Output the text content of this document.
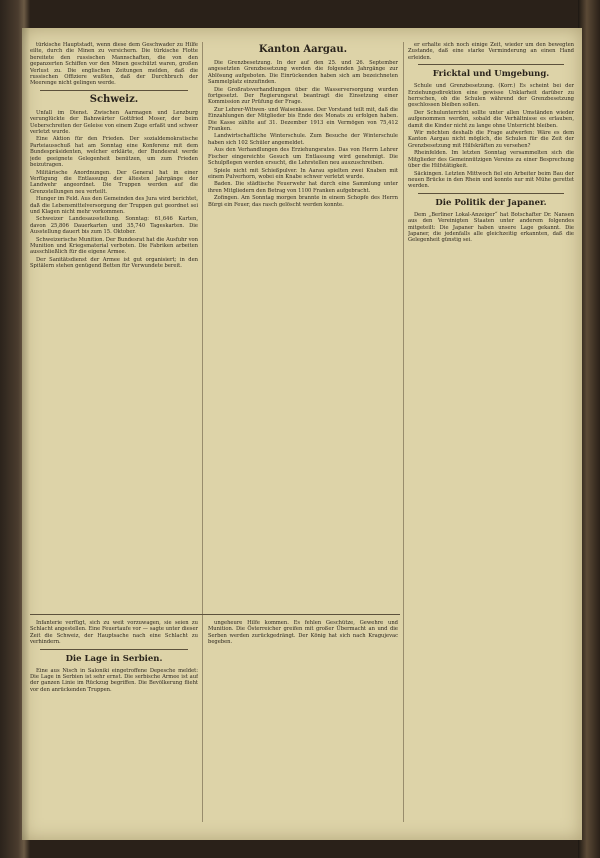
türkische Hauptstadt, wenn diese dem Geschwader zu Hilfe eilte, durch die Minen zu versichern. Die türkische Flotte bereitete den russischen Mannschaften, die von den gepanzerten Schiffen vor den Minen geschützt waren, großen Verlust zu. Die englischen Zeitungen melden, daß die russischen Offiziere wußten, daß der Durchbruch der Meerenge nicht gelingen werde.

Schweiz.

Unfall im Dienst. Zwischen Aarmagen und Lenzburg verunglückte der Bahnwärter Gottfried Moser, der beim Ueberschreiten der Geleise von einem Zuge erfaßt und schwer verletzt wurde.

Eine Aktion für den Frieden. Der sozialdemokratische Parteiausschuß hat am Sonntag eine Konferenz mit dem Bundespräsidenten, welcher erklärte, der Bundesrat werde jede geeignete Gelegenheit benützen, um zum Frieden beizutragen.

Militärische Anordnungen. Der General hat in einer Verfügung die Entlassung der ältesten Jahrgänge der Landwehr angeordnet. Die Truppen werden auf die Grenzstellungen neu verteilt.

Hunger im Feld. Aus den Gemeinden des Jura wird berichtet, daß die Lebensmittelversorgung der Truppen gut geordnet sei und Klagen nicht mehr vorkommen.

Schweizer Landesausstellung. Sonntag: 61,646 Karten, davon 25,806 Dauerkarten und 35,740 Tageskarten. Die Ausstellung dauert bis zum 15. Oktober.

Schweizerische Munition. Der Bundesrat hat die Ausfuhr von Munition und Kriegsmaterial verboten. Die Fabriken arbeiten ausschließlich für die eigene Armee.

Der Sanitätsdienst der Armee ist gut organisiert; in den Spitälern stehen genügend Betten für Verwundete bereit.

Kanton Aargau.

Die Grenzbesetzung. In der auf den 25. und 26. September angesetzten Grenzbesetzung werden die folgenden Jahrgänge zur Ablösung aufgeboten. Die Einrückenden haben sich am bezeichneten Sammelplatz einzufinden.

Die Großratsverhandlungen über die Wasserversorgung wurden fortgesetzt. Der Regierungsrat beantragt die Einsetzung einer Kommission zur Prüfung der Frage.

Zur Lehrer-Witwen- und Waisenkasse. Der Vorstand teilt mit, daß die Einzahlungen der Mitglieder bis Ende des Monats zu erfolgen haben. Die Kasse zählte auf 31. Dezember 1913 ein Vermögen von 75,412 Franken.

Landwirtschaftliche Winterschule. Zum Besuche der Winterschule haben sich 102 Schüler angemeldet.

Aus den Verhandlungen des Erziehungsrates. Das von Herrn Lehrer Fischer eingereichte Gesuch um Entlassung wird genehmigt. Die Schulpflegen werden ersucht, die Lehrstellen neu auszuschreiben.

Spiele nicht mit Schießpulver. In Aarau spielten zwei Knaben mit einem Pulverhorn, wobei ein Knabe schwer verletzt wurde.

Baden. Die städtische Feuerwehr hat durch eine Sammlung unter ihren Mitgliedern den Betrag von 1100 Franken aufgebracht.

Zofingen. Am Sonntag morgen brannte in einem Schopfe des Herrn Bürgi ein Feuer, das rasch gelöscht werden konnte.

er erhalte sich noch einige Zeit, wieder um den bewegten Zustande, daß eine starke Verminderung an einen Hand erleiden.

Fricktal und Umgebung.

Schule und Grenzbesetzung. (Korr.) Es scheint bei der Erziehungsdirektion eine gewisse Unklarheit darüber zu herrschen, ob die Schulen während der Grenzbesetzung geschlossen bleiben sollen.

Der Schulunterricht sollte unter allen Umständen wieder aufgenommen werden, sobald die Verhältnisse es erlauben, damit die Kinder nicht zu lange ohne Unterricht bleiben.

Wir möchten deshalb die Frage aufwerfen: Wäre es dem Kanton Aargau nicht möglich, die Schulen für die Zeit der Grenzbesetzung mit Hilfskräften zu versehen?

Rheinfelden. Im letzten Sonntag versammelten sich die Mitglieder des Gemeinnützigen Vereins zu einer Besprechung über die Hilfstätigkeit.

Säckingen. Letzten Mittwoch fiel ein Arbeiter beim Bau der neuen Brücke in den Rhein und konnte nur mit Mühe gerettet werden.

Die Politik der Japaner.

Dem „Berliner Lokal-Anzeiger“ hat Botschafter Dr. Nansen aus den Vereinigten Staaten unter anderem folgendes mitgeteilt: Die Japaner haben unsere Lage gekannt. Die Japaner, die jedenfalls alle gleichzeitig erkannten, daß die Gelegenheit günstig sei.

Infanterie verfügt, sich zu weit vorzuwagen, sie seien zu Schlacht angestellen. Eine Feuertaufe vor — sagte unter dieser Zeit die Schweiz, der Hauptsache nach eine Schlacht zu verhindern.

Die Lage in Serbien.

Eine aus Nisch in Saloniki eingetroffene Depesche meldet: Die Lage in Serbien ist sehr ernst. Die serbische Armee ist auf der ganzen Linie im Rückzug begriffen. Die Bevölkerung flieht vor den anrückenden Truppen.

ungeheure Hilfe kommen. Es fehlen Geschütze, Gewehre und Munition. Die Österreicher greifen mit großer Übermacht an und die Serben werden zurückgedrängt. Der König hat sich nach Kragujevac begeben.
